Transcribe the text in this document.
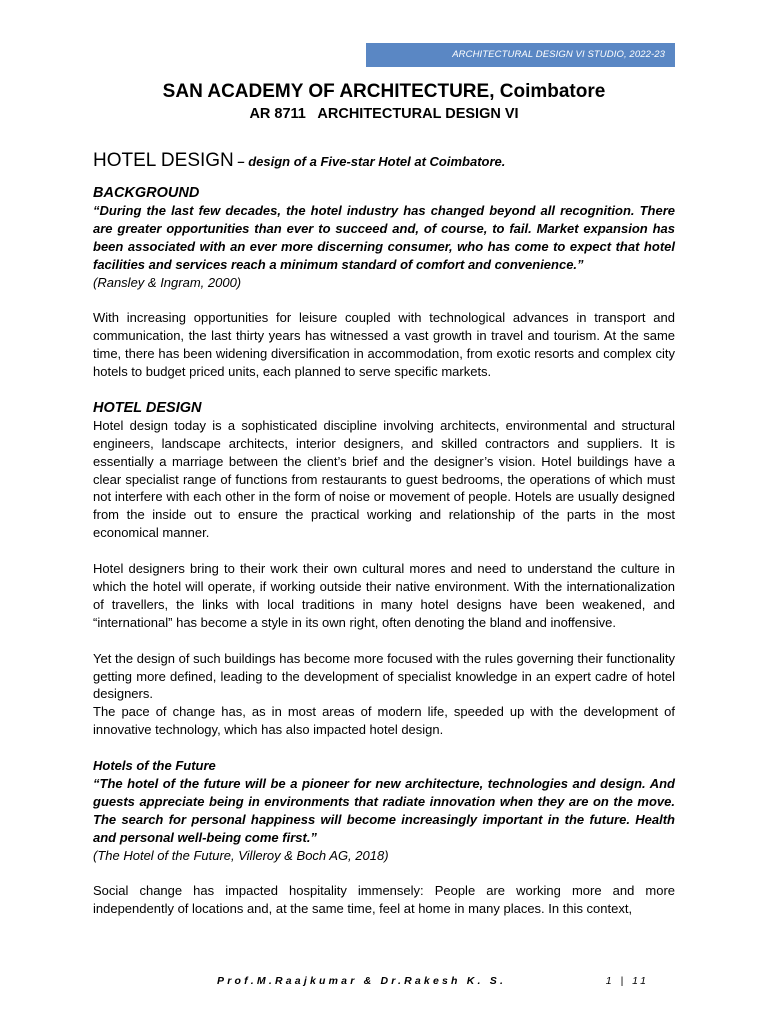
ARCHITECTURAL DESIGN VI STUDIO, 2022-23
SAN ACADEMY OF ARCHITECTURE, Coimbatore
AR 8711   ARCHITECTURAL DESIGN VI
HOTEL DESIGN – design of a Five-star Hotel at Coimbatore.
BACKGROUND

“During the last few decades, the hotel industry has changed beyond all recognition. There are greater opportunities than ever to succeed and, of course, to fail. Market expansion has been associated with an ever more discerning consumer, who has come to expect that hotel facilities and services reach a minimum standard of comfort and convenience.”

(Ransley & Ingram, 2000)

With increasing opportunities for leisure coupled with technological advances in transport and communication, the last thirty years has witnessed a vast growth in travel and tourism. At the same time, there has been widening diversification in accommodation, from exotic resorts and complex city hotels to budget priced units, each planned to serve specific markets.

HOTEL DESIGN

Hotel design today is a sophisticated discipline involving architects, environmental and structural engineers, landscape architects, interior designers, and skilled contractors and suppliers. It is essentially a marriage between the client’s brief and the designer’s vision. Hotel buildings have a clear specialist range of functions from restaurants to guest bedrooms, the operations of which must not interfere with each other in the form of noise or movement of people. Hotels are usually designed from the inside out to ensure the practical working and relationship of the parts in the most economical manner.

Hotel designers bring to their work their own cultural mores and need to understand the culture in which the hotel will operate, if working outside their native environment. With the internationalization of travellers, the links with local traditions in many hotel designs have been weakened, and “international” has become a style in its own right, often denoting the bland and inoffensive.

Yet the design of such buildings has become more focused with the rules governing their functionality getting more defined, leading to the development of specialist knowledge in an expert cadre of hotel designers.

The pace of change has, as in most areas of modern life, speeded up with the development of innovative technology, which has also impacted hotel design.

Hotels of the Future

“The hotel of the future will be a pioneer for new architecture, technologies and design. And guests appreciate being in environments that radiate innovation when they are on the move. The search for personal happiness will become increasingly important in the future. Health and personal well-being come first.”

(The Hotel of the Future, Villeroy & Boch AG, 2018)

Social change has impacted hospitality immensely: People are working more and more independently of locations and, at the same time, feel at home in many places. In this context,

Prof.M.Raajkumar & Dr.Rakesh K. S.	1 | 11
